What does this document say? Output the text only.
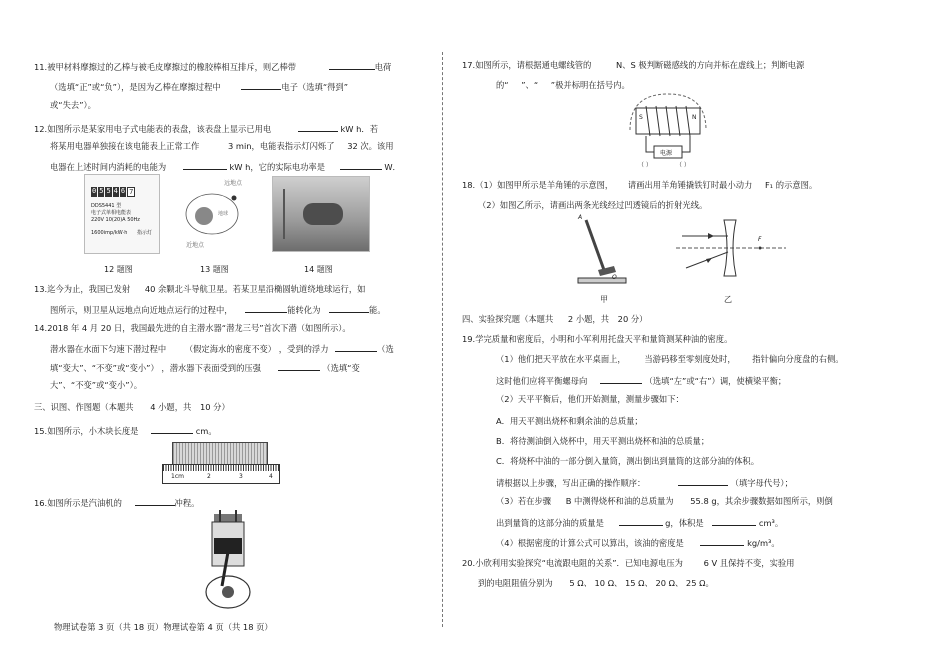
11.被甲材料摩擦过的乙棒与被毛皮摩擦过的橡胶棒相互排斥，则乙棒带	电荷
（选填“正”或“负”），是因为乙棒在摩擦过程中	电子（选填“得到”
或“失去”）。
12.如图所示是某家用电子式电能表的表盘，该表盘上显示已用电	kW h．若
将某用电器单独接在该电能表上正常工作	3 min，电能表指示灯闪烁了 32 次。该用
电器在上述时间内消耗的电能为	kW h，它的实际电功率是	W．
0 5 5 4 6 7
DDS5441 型
电子式单相电能表
220V 10(20)A 50Hz
1600imp/kW·h 指示灯
远地点
地球
近地点
12 题图	13 题图	14 题图
13.迄今为止，我国已发射 40 余颗北斗导航卫星。若某卫星沿椭圆轨道绕地球运行，如
图所示，则卫星从远地点向近地点运行的过程中，	能转化为	能。
14.2018 年 4 月 20 日，我国最先进的自主潜水器“潜龙三号”首次下潜（如图所示）。
潜水器在水面下匀速下潜过程中 （假定海水的密度不变） ，受到的浮力	（选
填“变大”、“不变”或“变小”） ，潜水器下表面受到的压强	（选填“变
大”、“不变”或“变小”）。
三、识图、作图题（本题共 4 小题，共 10 分）
15.如图所示，小木块长度是	cm。
1cm	2	3	4
16.如图所示是汽油机的	冲程。
17.如图所示，请根据通电螺线管的	N、S 极判断磁感线的方向并标在虚线上；判断电源
的“ ”、“ ”极并标明在括号内。
S	N
电源
（ ）	（ ）
18.（1）如图甲所示是羊角锤的示意图， 请画出用羊角锤撬铁钉时最小动力 F₁ 的示意图。
（2）如图乙所示，请画出两条光线经过凹透镜后的折射光线。
A
O
F
甲	乙
四、实验探究题（本题共 2 小题，共 20 分）
19.学完质量和密度后，小明和小军利用托盘天平和量筒测某种油的密度。
（1）他们把天平放在水平桌面上， 当游码移至零刻度处时， 指针偏向分度盘的右侧。
这时他们应将平衡螺母向	（选填“左”或“右”）调，使横梁平衡；
（2）天平平衡后，他们开始测量，测量步骤如下：
A．用天平测出烧杯和剩余油的总质量；
B．将待测油倒入烧杯中，用天平测出烧杯和油的总质量；
C．将烧杯中油的一部分倒入量筒，测出倒出到量筒的这部分油的体积。
请根据以上步骤，写出正确的操作顺序：	（填字母代号）；
（3）若在步骤 B 中测得烧杯和油的总质量为 55.8 g，其余步骤数据如图所示，则倒
出到量筒的这部分油的质量是	g，体积是	cm³。
（4）根据密度的计算公式可以算出，该油的密度是	kg/m³。
20.小欣利用实验探究“电流跟电阻的关系”．已知电源电压为 6 V 且保持不变，实验用
到的电阻阻值分别为 5 Ω、 10 Ω、 15 Ω、 20 Ω、 25 Ω。
物理试卷第 3 页（共 18 页）物理试卷第 4 页（共 18 页）
